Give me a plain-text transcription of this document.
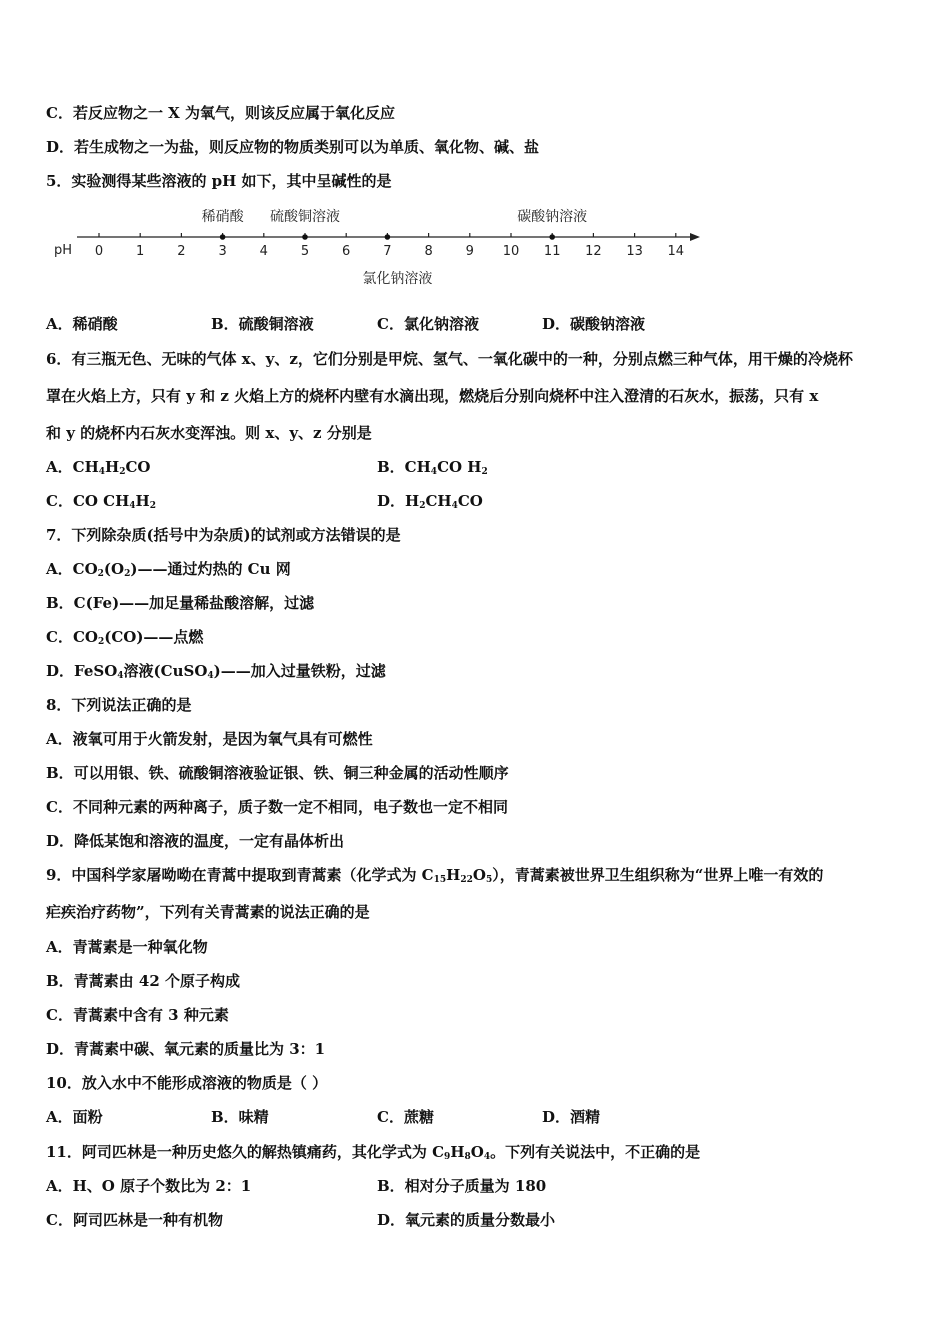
C．若反应物之一 X 为氧气，则该反应属于氧化反应
D．若生成物之一为盐，则反应物的物质类别可以为单质、氧化物、碱、盐
5．实验测得某些溶液的 pH 如下，其中呈碱性的是
pH 0	1	2	3	4	5	6	7	8	9 10 11 12 13 14
稀硝酸 硫酸铜溶液
氯化钠溶液
碳酸钠溶液
A．稀硝酸	B．硫酸铜溶液	C．氯化钠溶液	D．碳酸钠溶液
6．有三瓶无色、无味的气体 x、y、z，它们分别是甲烷、氢气、一氧化碳中的一种，分别点燃三种气体，用干燥的冷烧杯
罩在火焰上方，只有 y 和 z 火焰上方的烧杯内壁有水滴出现，燃烧后分别向烧杯中注入澄清的石灰水，振荡，只有 x
和 y 的烧杯内石灰水变浑浊。则 x、y、z 分别是
A．$CH_4H_2CO$	B．$CH_4CO$ $H_2$
C．CO $CH_4H_2$	D．$H_2CH_4CO$
7．下列除杂质(括号中为杂质)的试剂或方法错误的是
A．$CO_2(O_2)——$通过灼热的 Cu 网
B．C(Fe)——加足量稀盐酸溶解，过滤
C．$CO_2(CO)——$点燃
D．FeSO$_4$溶液(CuSO$_4$)——加入过量铁粉，过滤
8．下列说法正确的是
A．液氧可用于火箭发射，是因为氧气具有可燃性
B．可以用银、铁、硫酸铜溶液验证银、铁、铜三种金属的活动性顺序
C．不同种元素的两种离子，质子数一定不相同，电子数也一定不相同
D．降低某饱和溶液的温度，一定有晶体析出
9．中国科学家屠呦呦在青蒿中提取到青蒿素（化学式为 $C_{15}H_{22}O_5$），青蒿素被世界卫生组织称为“世界上唯一有效的
疟疾治疗药物”，下列有关青蒿素的说法正确的是
A．青蒿素是一种氧化物
B．青蒿素由 42 个原子构成
C．青蒿素中含有 3 种元素
D．青蒿素中碳、氧元素的质量比为 3：1
10．放入水中不能形成溶液的物质是（ ）
A．面粉	B．味精	C．蔗糖	D．酒精
11．阿司匹林是一种历史悠久的解热镇痛药，其化学式为 $C_9H_8O_4$。下列有关说法中，不正确的是
A．H、O 原子个数比为 2：1	B．相对分子质量为 180
C．阿司匹林是一种有机物	D．氧元素的质量分数最小
